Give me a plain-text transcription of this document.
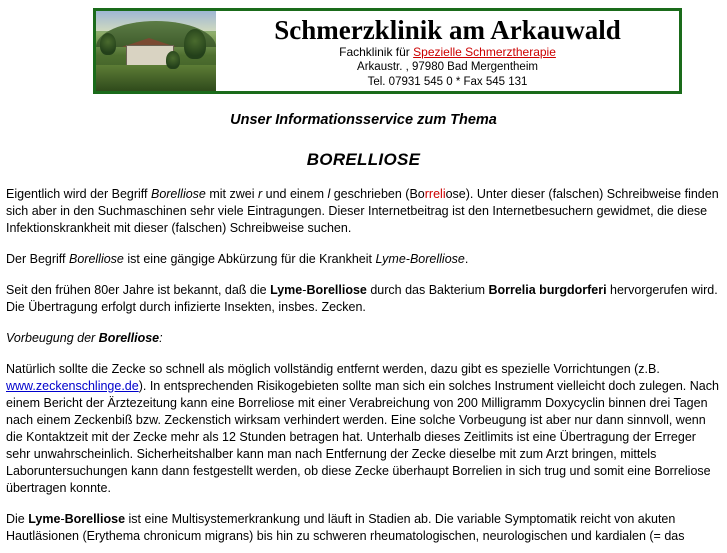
Schmerzklinik am Arkauwald
Fachklinik für Spezielle Schmerztherapie
Arkaustr. , 97980 Bad Mergentheim
Tel. 07931 545 0 * Fax 545 131
Unser Informationsservice zum Thema
BORELLIOSE

Eigentlich wird der Begriff Borelliose mit zwei r und einem l geschrieben (Borreliose). Unter dieser (falschen) Schreibweise finden sich aber in den Suchmaschinen sehr viele Eintragungen. Dieser Internetbeitrag ist den Internetbesuchern gewidmet, die diese Infektionskrankheit mit dieser (falschen) Schreibweise suchen.

Der Begriff Borelliose ist eine gängige Abkürzung für die Krankheit Lyme-Borelliose.

Seit den frühen 80er Jahre ist bekannt, daß die Lyme-Borelliose durch das Bakterium Borrelia burgdorferi hervorgerufen wird. Die Übertragung erfolgt durch infizierte Insekten, insbes. Zecken.

Vorbeugung der Borelliose:

Natürlich sollte die Zecke so schnell als möglich vollständig entfernt werden, dazu gibt es spezielle Vorrichtungen (z.B. www.zeckenschlinge.de). In entsprechenden Risikogebieten sollte man sich ein solches Instrument vielleicht doch zulegen. Nach einem Bericht der Ärztezeitung kann eine Borreliose mit einer Verabreichung von 200 Milligramm Doxycyclin binnen drei Tagen nach einem Zeckenbiß bzw. Zeckenstich wirksam verhindert werden. Eine solche Vorbeugung ist aber nur dann sinnvoll, wenn die Kontaktzeit mit der Zecke mehr als 12 Stunden betragen hat. Unterhalb dieses Zeitlimits ist eine Übertragung der Erreger sehr unwahrscheinlich. Sicherheitshalber kann man nach Entfernung der Zecke dieselbe mit zum Arzt bringen, mittels Laboruntersuchungen kann dann festgestellt werden, ob diese Zecke überhaupt Borrelien in sich trug und somit eine Borreliose übertragen konnte.

Die Lyme-Borelliose ist eine Multisystemerkrankung und läuft in Stadien ab. Die variable Symptomatik reicht von akuten Hautläsionen (Erythema chronicum migrans) bis hin zu schweren rheumatologischen, neurologischen und kardialen (= das
